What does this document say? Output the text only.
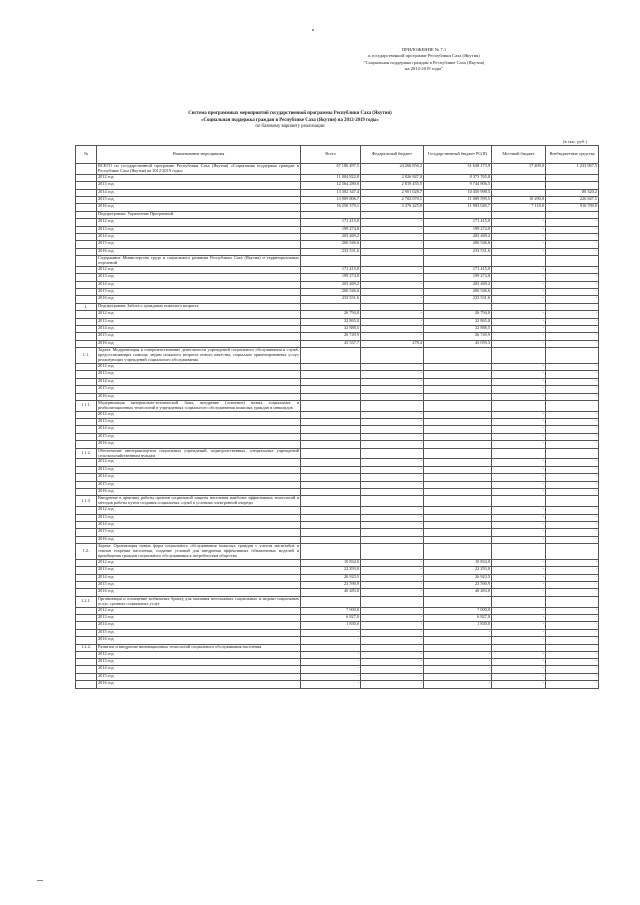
ПРИЛОЖЕНИЕ № 7.1
к государственной программе Республики Саха (Якутия)
"Социальная поддержка граждан в Республике Саха (Якутия)
на 2012-2019 годы"
Система программных мероприятий государственной программы Республики Саха (Якутия)
«Социальная поддержка граждан в Республике Саха (Якутия) на 2012-2019 годы»
по базовому варианту реализации
(в тыс. руб.)
№	Наименование мероприятия	Всего	Федеральный бюджет	Государственный бюджет РС(Я)	Местный бюджет	Внебюджетные средства
	ВСЕГО по государственной программе Республики Саха (Якутия) «Социальная поддержка граждан в Республике Саха (Якутия) на 2012-2019 годы»	67 186 497,5	24 266 856,2	51 638 173,9	17 409,0	1 233 967,5
	2012 год	11 004 822,8	2 826 847,0	8 373 765,8		
	2013 год	12 564 280,0	2 819 455,5	9 744 806,5		
	2014 год	13 382 347,4	2 901 028,7	10 450 998,5		80 320,2
	2015 год	13 909 806,7	2 782 070,1	11 089 599,5	10 290,8	226 847,5
	2016 год	16 250 379,1	3 376 425,0	11 983 049,7	7 118,0	916 789,0
	Подпрограмма: Управление Программой					
	2012 год	171 415,0	-	171 415,0	-	-
	2013 год	199 274,0	-	199 274,0	-	-
	2014 год	203 469,2	-	203 469,2	-	-
	2015 год	206 546,6	-	206 546,6	-	-
	2016 год	233 531,6	-	233 531,6	-	-
	Содержание Министерства труда и социального развития Республики Саха (Якутия) и территориальных отделений					
	2012 год	171 415,0	-	171 415,0	-	-
	2013 год	199 274,0	-	199 274,0	-	-
	2014 год	203 469,2	-	203 469,2	-	-
	2015 год	206 546,6	-	206 546,6	-	-
	2016 год	233 531,6	-	233 531,6	-	-
1.	Подпрограмма: Забота о гражданах пожилого возраста					
	2012 год	26 794,0	-	26 794,0	-	-
	2013 год	32 865,0	-	32 865,0	-	-
	2014 год	32 888,5	-	32 888,5	-	-
	2015 год	26 749,9	-	26 749,9	-	-
	2016 год	43 337,7	278,4	43 059,3	-	-
1.1.	Задача: Модернизация и совершенствование деятельности учреждений социального обслуживания и служб, предоставляющих помощь людям пожилого возраста нового качества, социально ориентированных услуг, реализующих учреждений социального обслуживания					
	2012 год		-		-	-
	2013 год		-		-	-
	2014 год		-		-	-
	2015 год		-		-	-
	2016 год		-		-	-
1.1.1.	Модернизация материально-технической базы, внедрение (освоение) новых социальных и реабилитационных технологий в учреждениях социального обслуживания пожилых граждан и инвалидов					
	2012 год		-		-	-
	2013 год		-		-	-
	2014 год		-		-	-
	2015 год		-		-	-
	2016 год		-		-	-
1.1.2.	Обеспечение автотранспортом социальных учреждений, подведомственных, специальных учреждений сельскохозяйственным нуждам					
	2012 год		-		-	-
	2013 год		-		-	-
	2014 год		-		-	-
	2015 год		-		-	-
	2016 год		-		-	-
1.1.3.	Внедрение в практику работы органов социальной защиты населения наиболее эффективных технологий и методов работы путем создания социальных служб в условиях электронной очереди					
	2012 год		-		-	-
	2013 год		-		-	-
	2014 год		-		-	-
	2015 год		-		-	-
	2016 год		-		-	-
1.2.	Задача: Организация новых форм социального обслуживания пожилых граждан с учетом масштабов и темпов старения населения, создание условий для внедрения эффективных обновленных моделей и приобщения граждан социального обслуживания к потребностям общества					
	2012 год	10 834,0	-	10 834,0	-	-
	2013 год	22 293,0	-	22 293,0	-	-
	2014 год	26 923,5	-	26 923,5	-	-
	2015 год	23 590,9	-	23 590,9	-	-
	2016 год	40 483,0	-	40 483,0	-	-
1.2.1.	Организация и оснащение мобильных бригад для оказания неотложных социальных и медико-социальных услуг, срочных социальных услуг					
	2012 год	7 000,0	-	7 000,0	-	-
	2013 год	6 827,0	-	6 827,0	-	-
	2014 год	1 830,0	-	1 830,0	-	-
	2015 год	-	-	-	-	-
	2016 год	-	-	-	-	-
1.2.2.	Развитие и внедрение инновационных технологий социального обслуживания населения					
	2012 год	-	-	-	-	-
	2013 год	-	-	-	-	-
	2014 год	-	-	-	-	-
	2015 год	-	-	-	-	-
	2016 год	-	-	-	-	-
